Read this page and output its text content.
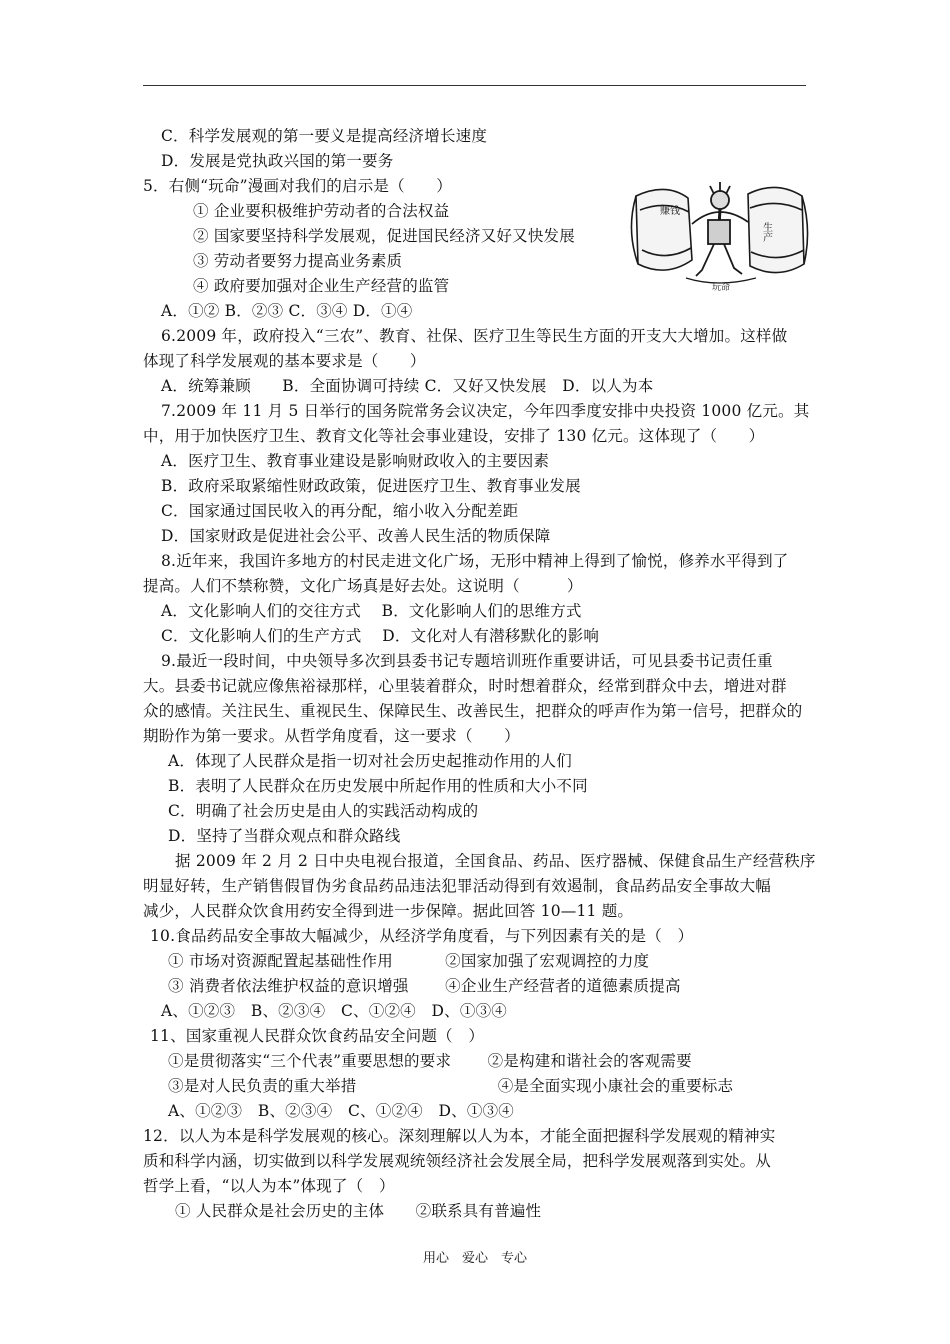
C．科学发展观的第一要义是提高经济增长速度
D．发展是党执政兴国的第一要务
5．右侧“玩命”漫画对我们的启示是（　　）
① 企业要积极维护劳动者的合法权益
② 国家要坚持科学发展观，促进国民经济又好又快发展
③ 劳动者要努力提高业务素质
④ 政府要加强对企业生产经营的监管
A．①② B．②③ C．③④ D．①④
6.2009 年，政府投入“三农”、教育、社保、医疗卫生等民生方面的开支大大增加。这样做
体现了科学发展观的基本要求是（　　）
A．统筹兼顾　　B．全面协调可持续 C．又好又快发展　D．以人为本
7.2009 年 11 月 5 日举行的国务院常务会议决定，今年四季度安排中央投资 1000 亿元。其
中，用于加快医疗卫生、教育文化等社会事业建设，安排了 130 亿元。这体现了（　　）
A．医疗卫生、教育事业建设是影响财政收入的主要因素
B．政府采取紧缩性财政政策，促进医疗卫生、教育事业发展
C．国家通过国民收入的再分配，缩小收入分配差距
D．国家财政是促进社会公平、改善人民生活的物质保障
8.近年来，我国许多地方的村民走进文化广场，无形中精神上得到了愉悦，修养水平得到了
提高。人们不禁称赞，文化广场真是好去处。这说明（　　　）
A．文化影响人们的交往方式　 B．文化影响人们的思维方式
C．文化影响人们的生产方式　 D．文化对人有潜移默化的影响
9.最近一段时间，中央领导多次到县委书记专题培训班作重要讲话，可见县委书记责任重
大。县委书记就应像焦裕禄那样，心里装着群众，时时想着群众，经常到群众中去，增进对群
众的感情。关注民生、重视民生、保障民生、改善民生，把群众的呼声作为第一信号，把群众的
期盼作为第一要求。从哲学角度看，这一要求（　　）
A．体现了人民群众是指一切对社会历史起推动作用的人们
B．表明了人民群众在历史发展中所起作用的性质和大小不同
C．明确了社会历史是由人的实践活动构成的
D．坚持了当群众观点和群众路线
据 2009 年 2 月 2 日中央电视台报道，全国食品、药品、医疗器械、保健食品生产经营秩序
明显好转，生产销售假冒伪劣食品药品违法犯罪活动得到有效遏制，食品药品安全事故大幅
减少，人民群众饮食用药安全得到进一步保障。据此回答 10—11 题。
10.食品药品安全事故大幅减少，从经济学角度看，与下列因素有关的是（　）
① 市场对资源配置起基础性作用　　　 ②国家加强了宏观调控的力度
③ 消费者依法维护权益的意识增强　　 ④企业生产经营者的道德素质提高
A、①②③　B、②③④　C、①②④　D、①③④
11、国家重视人民群众饮食药品安全问题（　）
①是贯彻落实“三个代表”重要思想的要求　　 ②是构建和谐社会的客观需要
③是对人民负责的重大举措　　　　　　　　　④是全面实现小康社会的重要标志
A、①②③　B、②③④　C、①②④　D、①③④
12．以人为本是科学发展观的核心。深刻理解以人为本，才能全面把握科学发展观的精神实
质和科学内涵，切实做到以科学发展观统领经济社会发展全局，把科学发展观落到实处。从
哲学上看，“以人为本”体现了（　）
① 人民群众是社会历史的主体　　②联系具有普遍性
赚钱
生产
玩命
用心　爱心　专心
